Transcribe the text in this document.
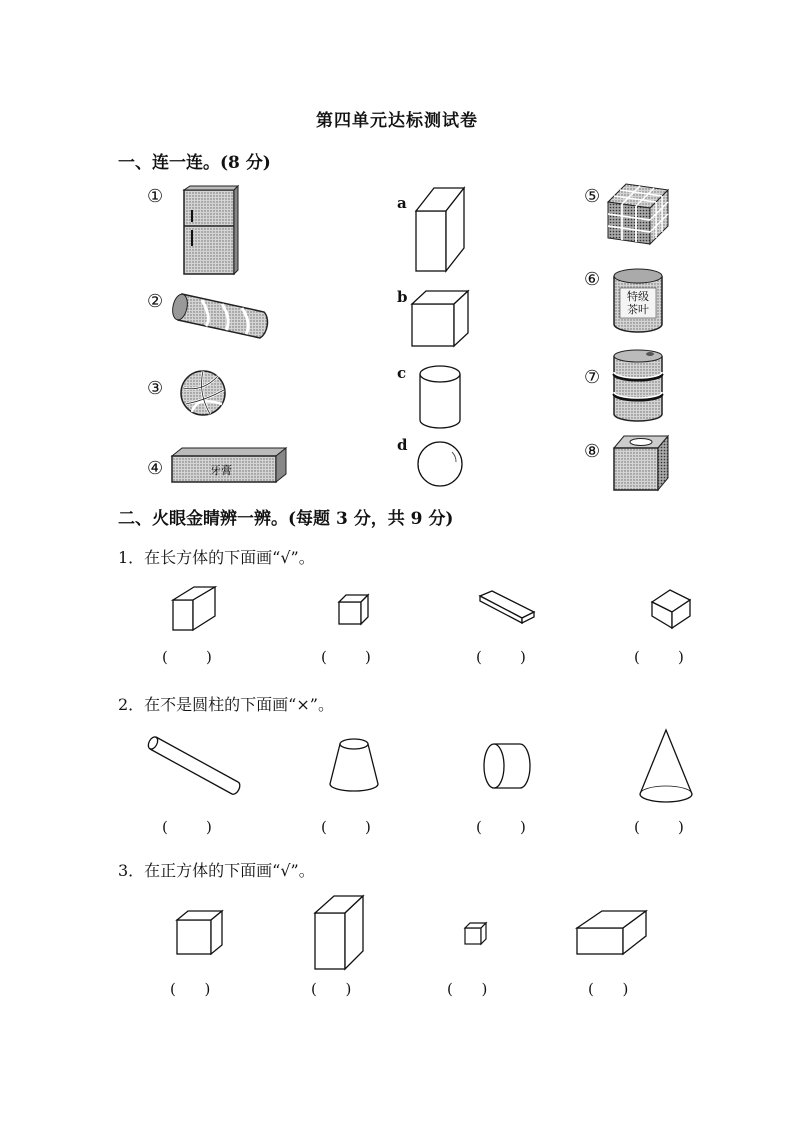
第四单元达标测试卷
一、连一连。(8 分)
①
②
③
④
⑤
⑥
⑦
⑧
牙膏
a
b
c
d
特级
茶叶
二、火眼金睛辨一辨。(每题 3 分，共 9 分)
1．在长方体的下面画“√”。
(        )	(        )	(        )	(        )
2．在不是圆柱的下面画“×”。
(        )	(        )	(        )	(        )
3．在正方体的下面画“√”。
(      )	(      )	(      )	(      )
